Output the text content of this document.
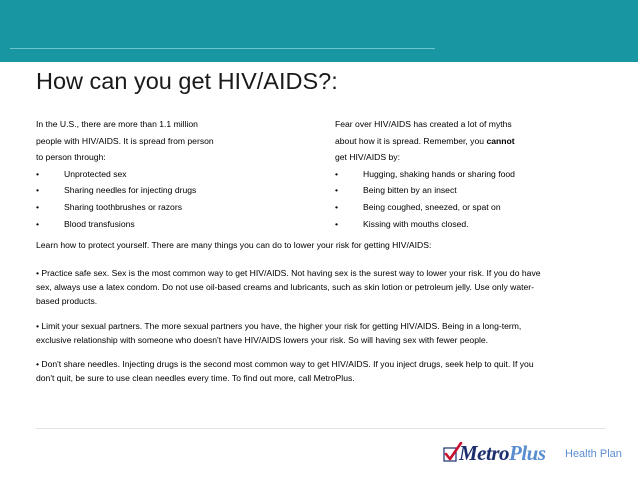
How can you get HIV/AIDS?:
In the U.S., there are more than 1.1 million
people with HIV/AIDS. It is spread from person
to person through:
•	Unprotected sex
•	Sharing needles for injecting drugs
•	Sharing toothbrushes or razors
•	Blood transfusions
Fear over HIV/AIDS has created a lot of myths
about how it is spread. Remember, you cannot
get HIV/AIDS by:
•	Hugging, shaking hands or sharing food
•	Being bitten by an insect
•	Being coughed, sneezed, or spat on
•	Kissing with mouths closed.
Learn how to protect yourself. There are many things you can do to lower your risk for getting HIV/AIDS:
• Practice safe sex. Sex is the most common way to get HIV/AIDS. Not having sex is the surest way to lower your risk. If you do have
sex, always use a latex condom. Do not use oil-based creams and lubricants, such as skin lotion or petroleum jelly. Use only water-
based products.
• Limit your sexual partners. The more sexual partners you have, the higher your risk for getting HIV/AIDS. Being in a long-term,
exclusive relationship with someone who doesn't have HIV/AIDS lowers your risk. So will having sex with fewer people.
• Don't share needles. Injecting drugs is the second most common way to get HIV/AIDS. If you inject drugs, seek help to quit. If you
don't quit, be sure to use clean needles every time. To find out more, call MetroPlus.
MetroPlus Health Plan
